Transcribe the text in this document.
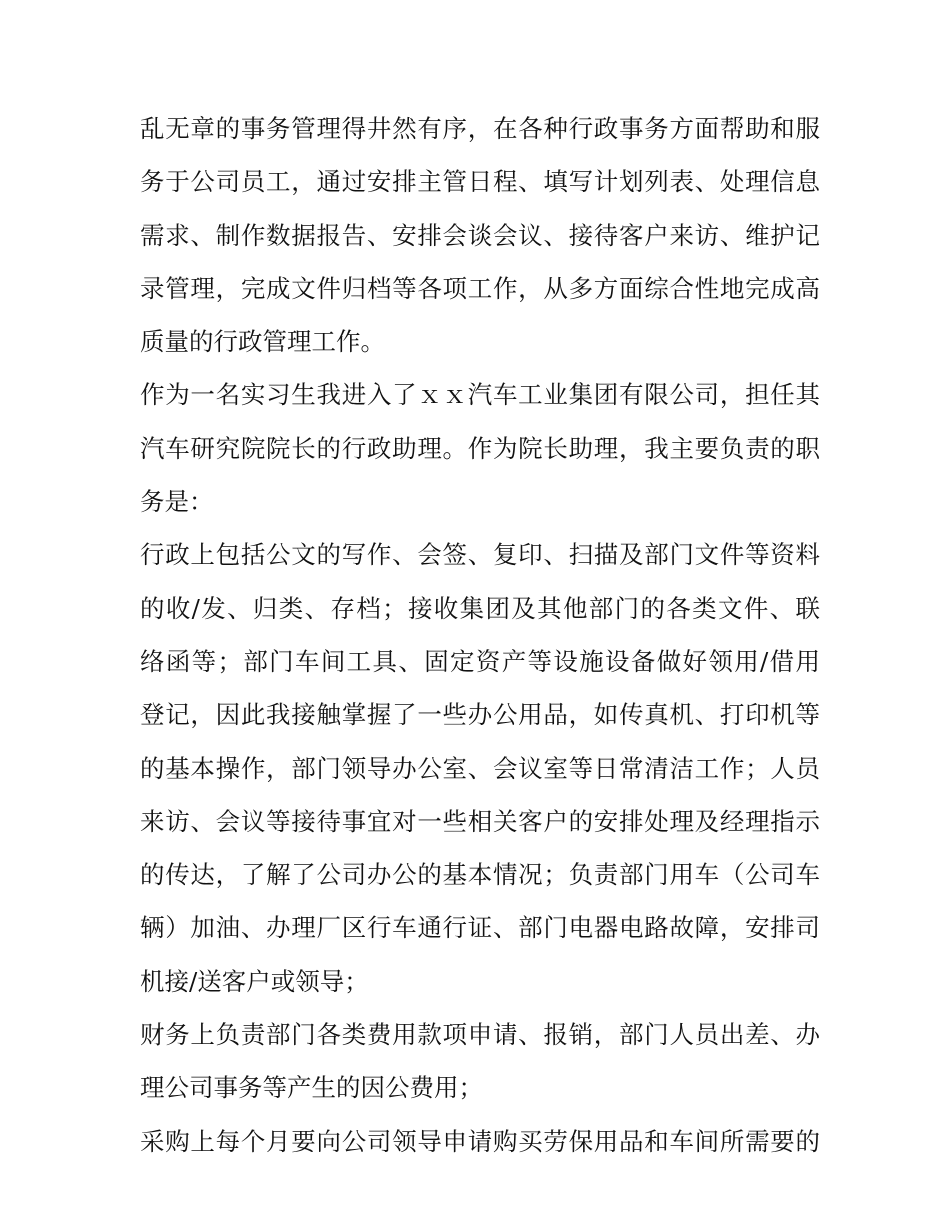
乱无章的事务管理得井然有序，在各种行政事务方面帮助和服
务于公司员工，通过安排主管日程、填写计划列表、处理信息
需求、制作数据报告、安排会谈会议、接待客户来访、维护记
录管理，完成文件归档等各项工作，从多方面综合性地完成高
质量的行政管理工作。
作为一名实习生我进入了ｘｘ汽车工业集团有限公司，担任其
汽车研究院院长的行政助理。作为院长助理，我主要负责的职
务是：
行政上包括公文的写作、会签、复印、扫描及部门文件等资料
的收/发、归类、存档；接收集团及其他部门的各类文件、联
络函等；部门车间工具、固定资产等设施设备做好领用/借用
登记，因此我接触掌握了一些办公用品，如传真机、打印机等
的基本操作，部门领导办公室、会议室等日常清洁工作；人员
来访、会议等接待事宜对一些相关客户的安排处理及经理指示
的传达，了解了公司办公的基本情况；负责部门用车（公司车
辆）加油、办理厂区行车通行证、部门电器电路故障，安排司
机接/送客户或领导；
财务上负责部门各类费用款项申请、报销，部门人员出差、办
理公司事务等产生的因公费用；
采购上每个月要向公司领导申请购买劳保用品和车间所需要的
